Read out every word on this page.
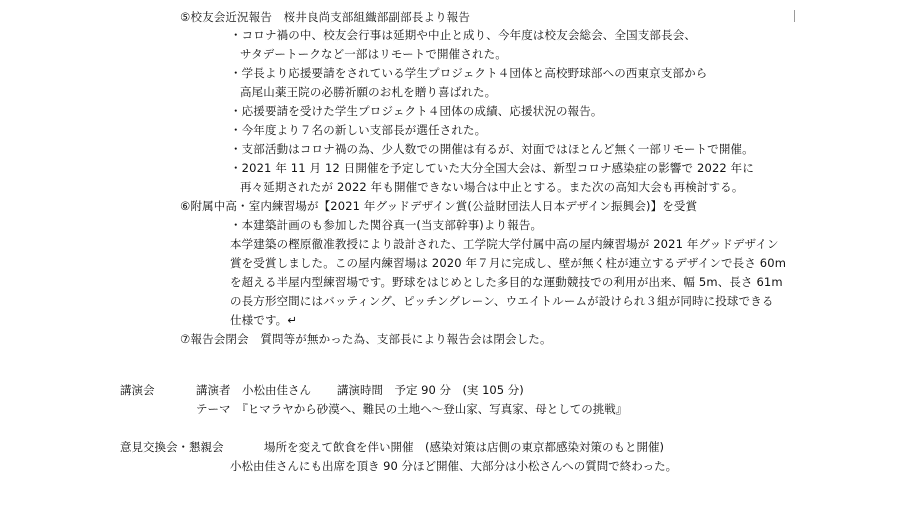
⑤校友会近況報告　桜井良尚支部組織部副部長より報告
・コロナ禍の中、校友会行事は延期や中止と成り、今年度は校友会総会、全国支部長会、
サタデートークなど一部はリモートで開催された。
・学長より応援要請をされている学生プロジェクト４団体と高校野球部への西東京支部から
高尾山薬王院の必勝祈願のお札を贈り喜ばれた。
・応援要請を受けた学生プロジェクト４団体の成績、応援状況の報告。
・今年度より７名の新しい支部長が選任された。
・支部活動はコロナ禍の為、少人数での開催は有るが、対面ではほとんど無く一部リモートで開催。
・2021 年 11 月 12 日開催を予定していた大分全国大会は、新型コロナ感染症の影響で 2022 年に
再々延期されたが 2022 年も開催できない場合は中止とする。また次の高知大会も再検討する。
⑥附属中高・室内練習場が【2021 年グッドデザイン賞(公益財団法人日本デザイン振興会)】を受賞
・本建築計画のも参加した関谷真一(当支部幹事)より報告。
本学建築の樫原徹准教授により設計された、工学院大学付属中高の屋内練習場が 2021 年グッドデザイン
賞を受賞しました。この屋内練習場は 2020 年７月に完成し、壁が無く柱が連立するデザインで長さ 60m
を超える半屋内型練習場です。野球をはじめとした多目的な運動競技での利用が出来、幅 5m、長さ 61m
の長方形空間にはバッティング、ピッチングレーン、ウエイトルームが設けられ３組が同時に投球できる
仕様です。↵
⑦報告会閉会　質問等が無かった為、支部長により報告会は閉会した。
講演会	講演者　小松由佳さん 講演時間　予定 90 分　(実 105 分)
テーマ　『ヒマラヤから砂漠へ、難民の土地へ～登山家、写真家、母としての挑戦』
意見交換会・懇親会	場所を変えて飲食を伴い開催　(感染対策は店側の東京都感染対策のもと開催)
小松由佳さんにも出席を頂き 90 分ほど開催、大部分は小松さんへの質問で終わった。
